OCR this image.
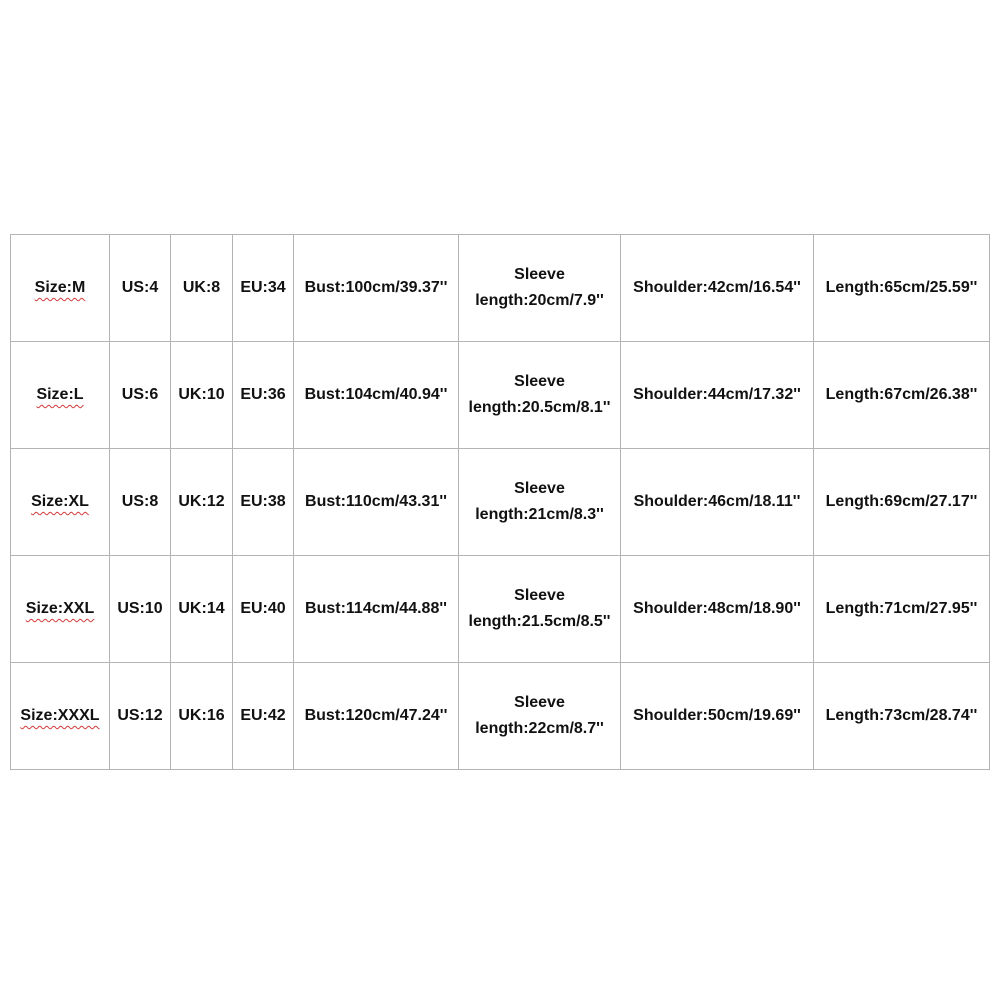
Size:M	US:4	UK:8	EU:34	Bust:100cm/39.37''	Sleeve
length:20cm/7.9''	Shoulder:42cm/16.54''	Length:65cm/25.59''
Size:L	US:6	UK:10	EU:36	Bust:104cm/40.94''	Sleeve
length:20.5cm/8.1''	Shoulder:44cm/17.32''	Length:67cm/26.38''
Size:XL	US:8	UK:12	EU:38	Bust:110cm/43.31''	Sleeve
length:21cm/8.3''	Shoulder:46cm/18.11''	Length:69cm/27.17''
Size:XXL	US:10	UK:14	EU:40	Bust:114cm/44.88''	Sleeve
length:21.5cm/8.5''	Shoulder:48cm/18.90''	Length:71cm/27.95''
Size:XXXL	US:12	UK:16	EU:42	Bust:120cm/47.24''	Sleeve
length:22cm/8.7''	Shoulder:50cm/19.69''	Length:73cm/28.74''
